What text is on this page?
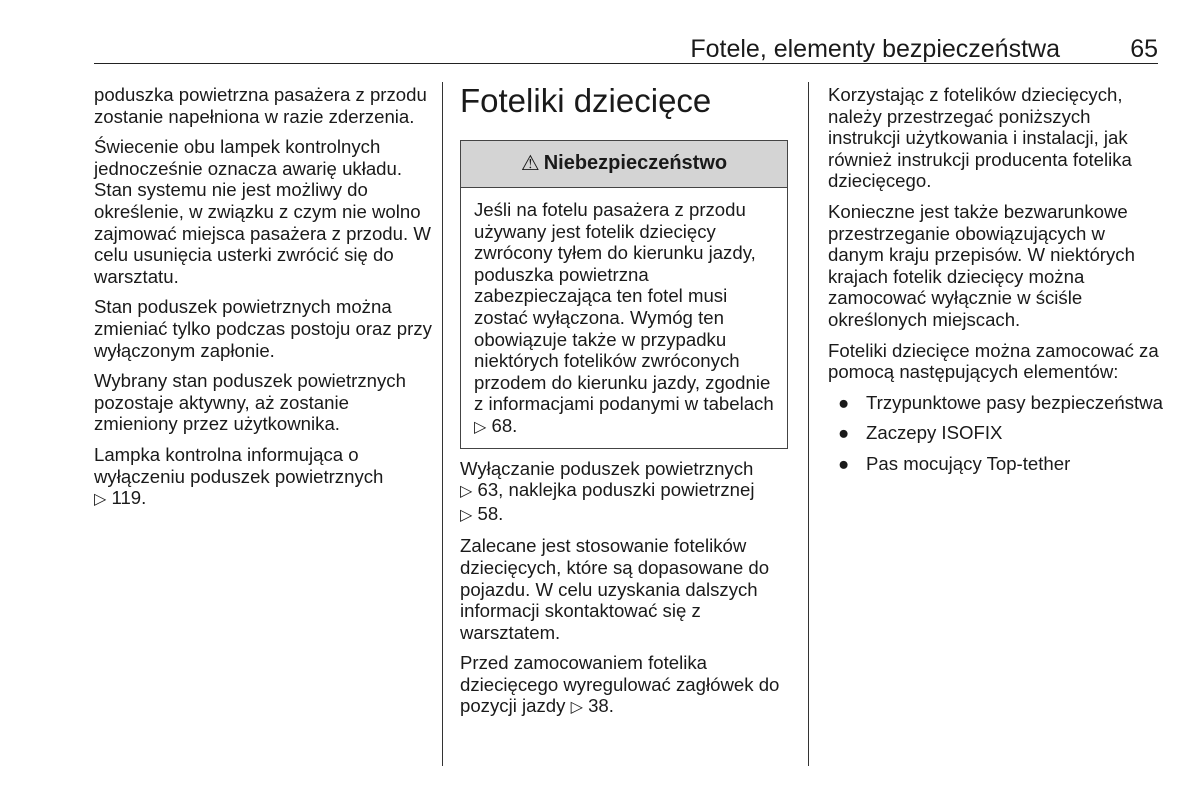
Fotele, elementy bezpieczeństwa	65

poduszka powietrzna pasażera z przodu zostanie napełniona w razie zderzenia.

Świecenie obu lampek kontrolnych jednocześnie oznacza awarię układu. Stan systemu nie jest możliwy do określenie, w związku z czym nie wolno zajmować miejsca pasażera z przodu. W celu usunięcia usterki zwrócić się do warsztatu.

Stan poduszek powietrznych można zmieniać tylko podczas postoju oraz przy wyłączonym zapłonie.

Wybrany stan poduszek powietrznych pozostaje aktywny, aż zostanie zmieniony przez użytkownika.

Lampka kontrolna informująca o wyłączeniu poduszek powietrznych
▷ 119.

Foteliki dziecięce
⚠ Niebezpieczeństwo

Jeśli na fotelu pasażera z przodu używany jest fotelik dziecięcy zwrócony tyłem do kierunku jazdy, poduszka powietrzna zabezpieczająca ten fotel musi zostać wyłączona. Wymóg ten obowiązuje także w przypadku niektórych fotelików zwróconych przodem do kierunku jazdy, zgodnie z informacjami podanymi w tabelach ▷ 68.

Wyłączanie poduszek powietrznych
▷ 63, naklejka poduszki powietrznej
▷ 58.

Zalecane jest stosowanie fotelików dziecięcych, które są dopasowane do pojazdu. W celu uzyskania dalszych informacji skontaktować się z warsztatem.

Przed zamocowaniem fotelika dziecięcego wyregulować zagłówek do pozycji jazdy ▷ 38.

Korzystając z fotelików dziecięcych, należy przestrzegać poniższych instrukcji użytkowania i instalacji, jak również instrukcji producenta fotelika dziecięcego.

Konieczne jest także bezwarunkowe przestrzeganie obowiązujących w danym kraju przepisów. W niektórych krajach fotelik dziecięcy można zamocować wyłącznie w ściśle określonych miejscach.

Foteliki dziecięce można zamocować za pomocą następujących elementów:

● Trzypunktowe pasy bezpieczeństwa
● Zaczepy ISOFIX
● Pas mocujący Top-tether
